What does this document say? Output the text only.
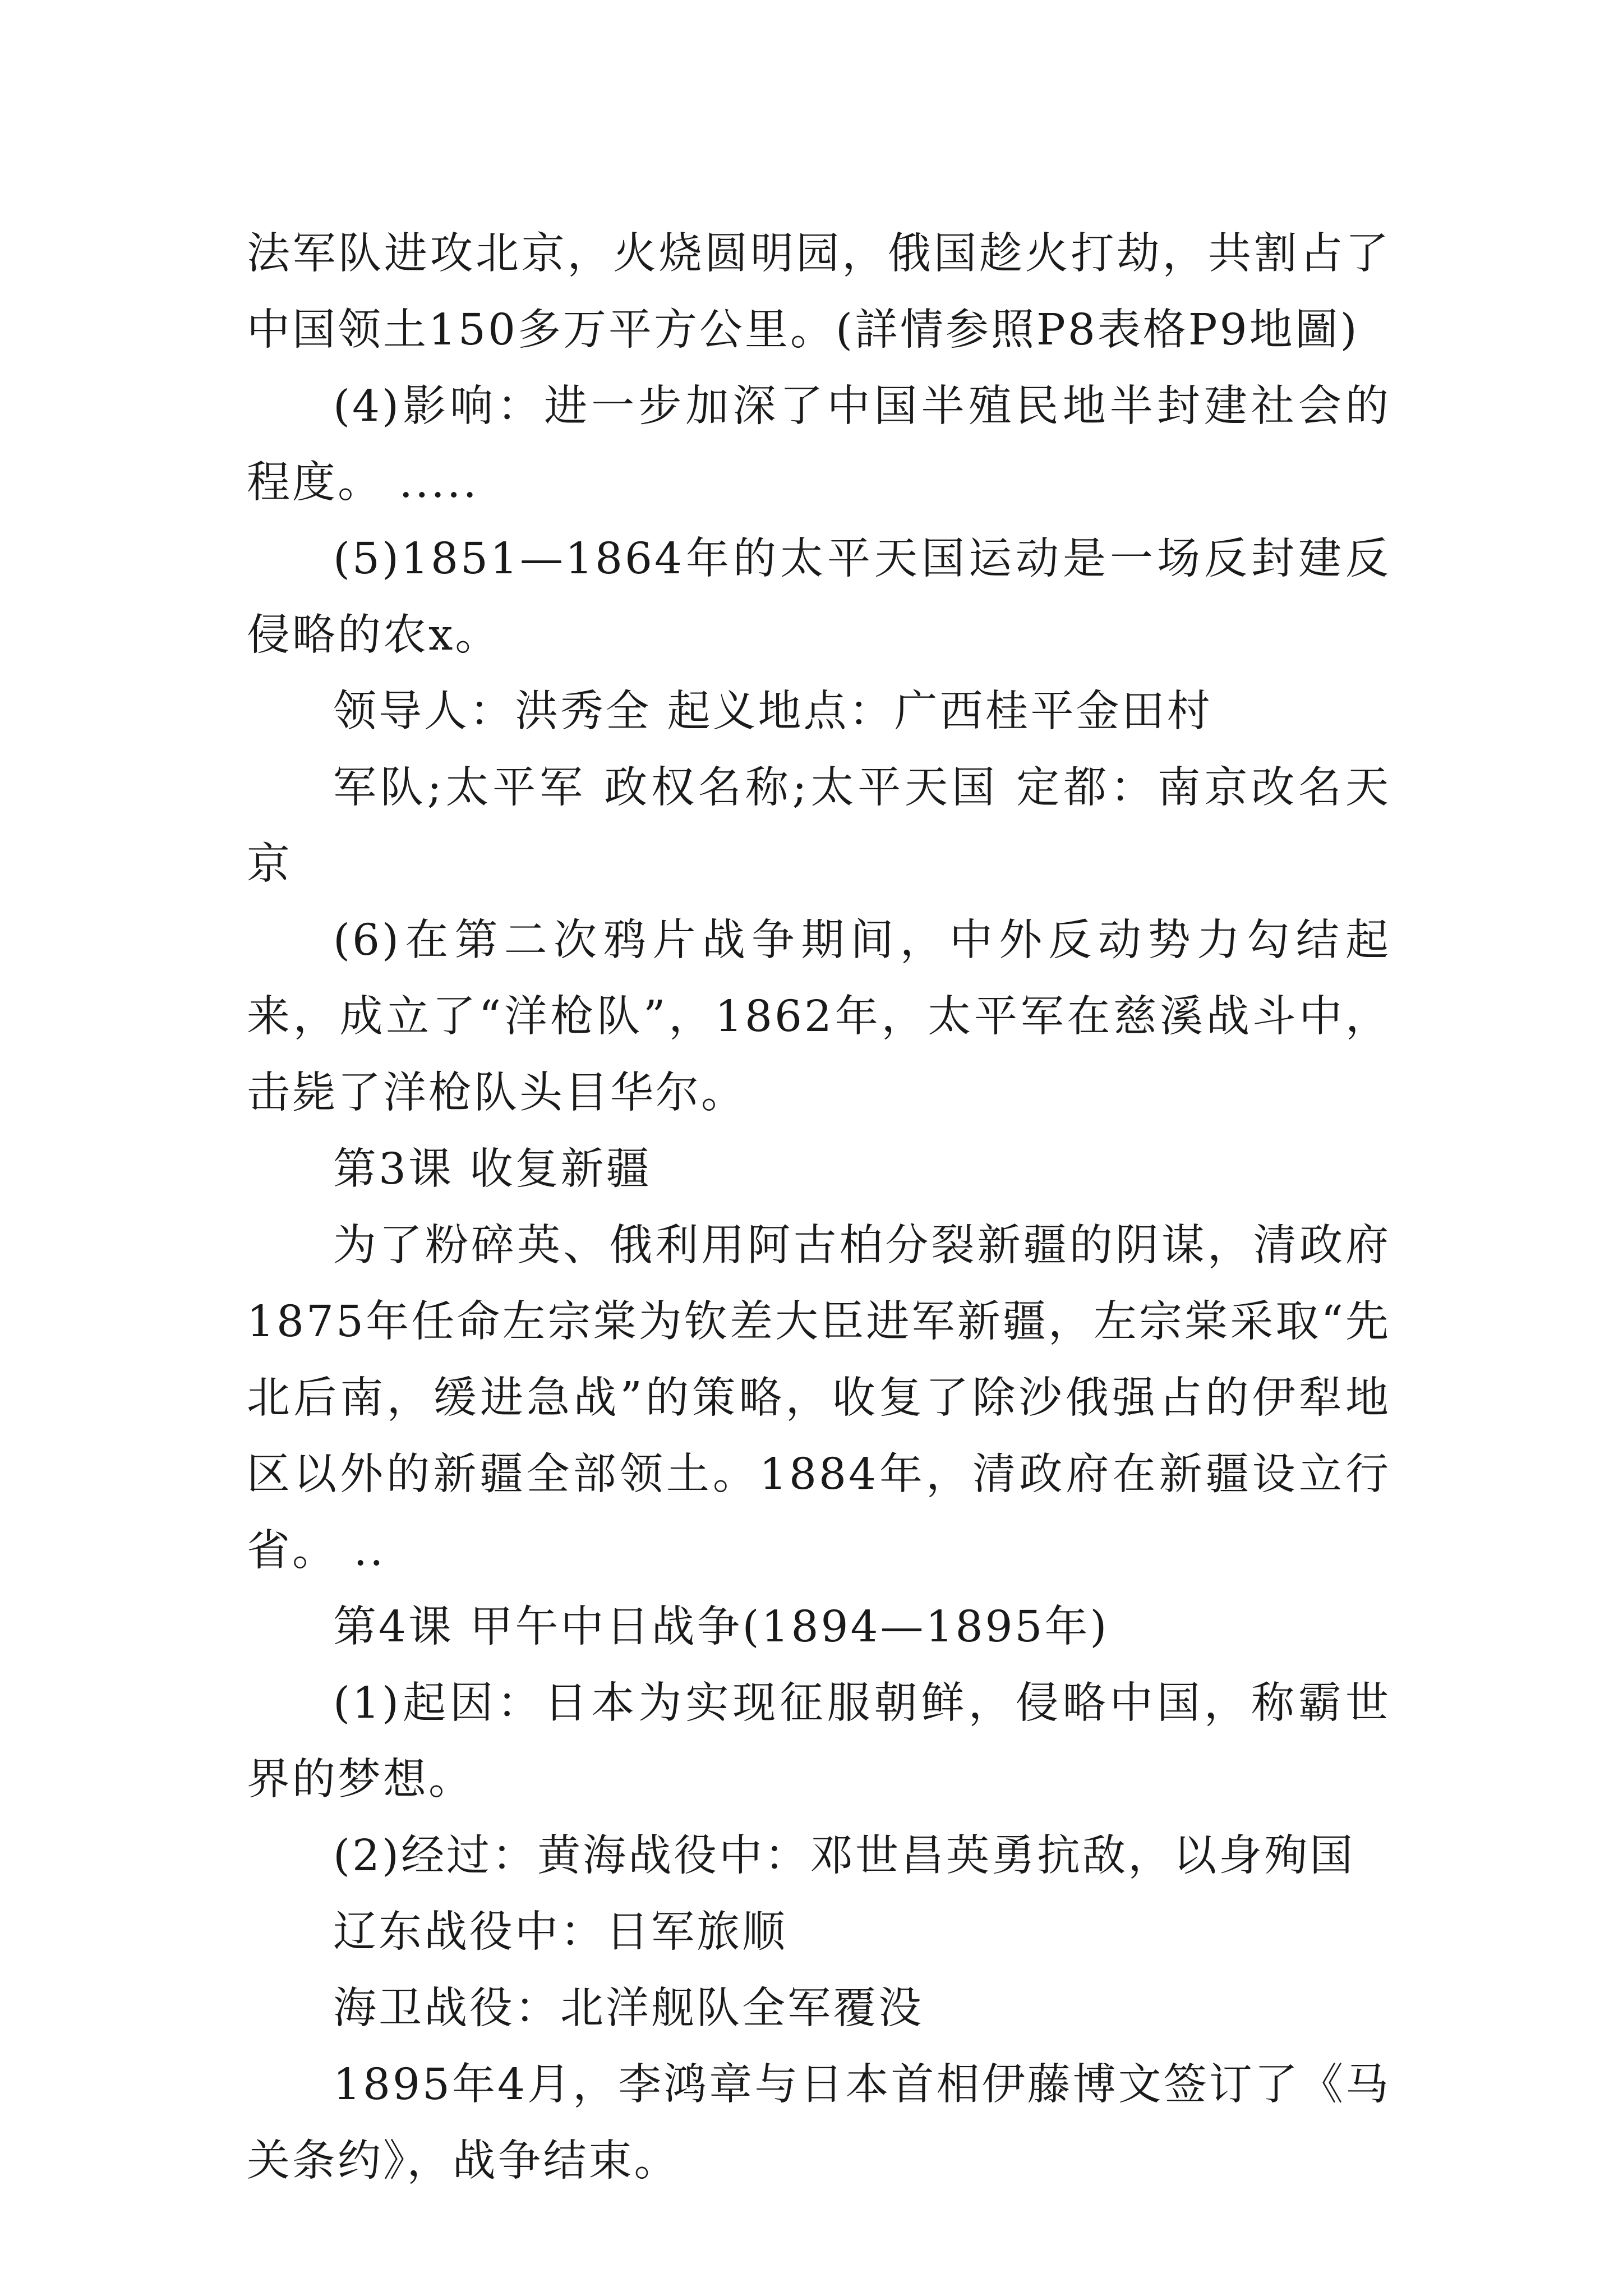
法军队进攻北京，火烧圆明园，俄国趁火打劫，共割占了中国领土150多万平方公里。(詳情参照P8表格P9地圖)

(4)影响：进一步加深了中国半殖民地半封建社会的程度。 .....

(5)1851—1864年的太平天国运动是一场反封建反侵略的农x。

领导人：洪秀全 起义地点：广西桂平金田村

军队;太平军 政权名称;太平天国 定都：南京改名天京

(6)在第二次鸦片战争期间，中外反动势力勾结起来，成立了“洋枪队”，1862年，太平军在慈溪战斗中，击毙了洋枪队头目华尔。

第3课 收复新疆

为了粉碎英、俄利用阿古柏分裂新疆的阴谋，清政府1875年任命左宗棠为钦差大臣进军新疆，左宗棠采取“先北后南，缓进急战”的策略，收复了除沙俄强占的伊犁地区以外的新疆全部领土。1884年，清政府在新疆设立行省。 ..

第4课 甲午中日战争(1894—1895年)

(1)起因：日本为实现征服朝鲜，侵略中国，称霸世界的梦想。

(2)经过：黄海战役中：邓世昌英勇抗敌，以身殉国

辽东战役中：日军旅顺

海卫战役：北洋舰队全军覆没

1895年4月，李鸿章与日本首相伊藤博文签订了《马关条约》，战争结束。
